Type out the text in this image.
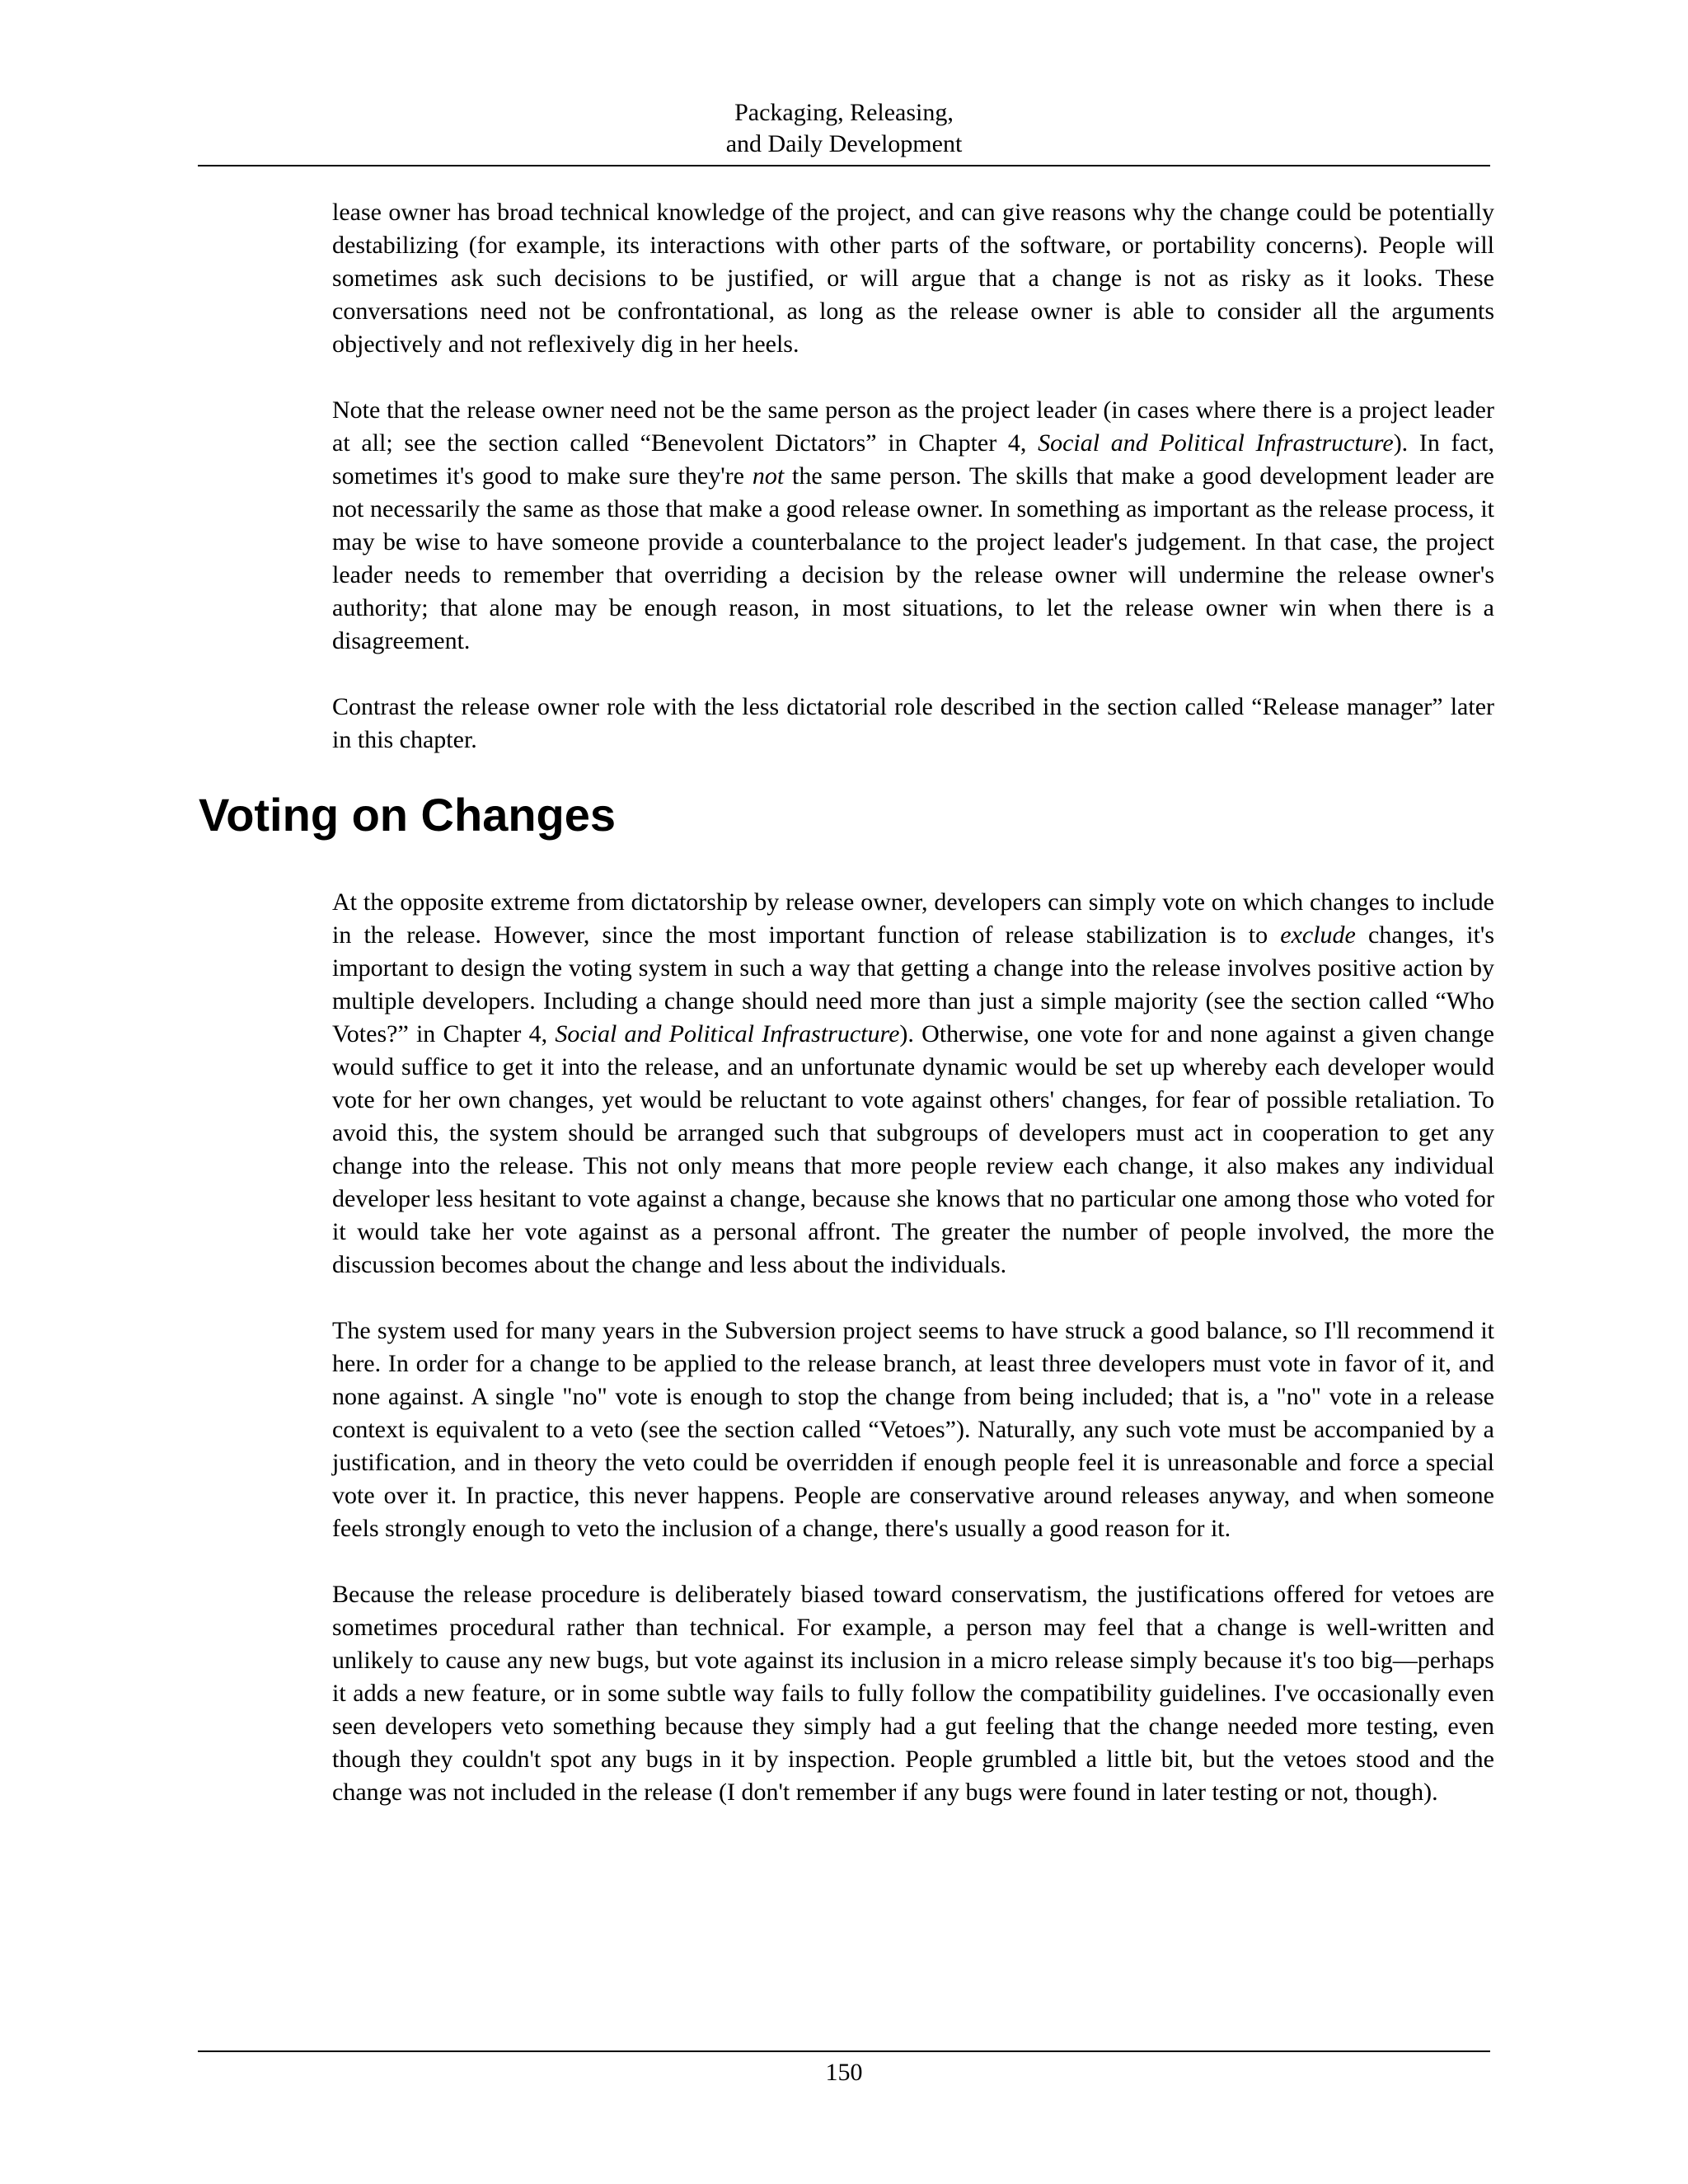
Packaging, Releasing,
and Daily Development

lease owner has broad technical knowledge of the project, and can give reasons why the change could be potentially destabilizing (for example, its interactions with other parts of the software, or portability concerns). People will sometimes ask such decisions to be justified, or will argue that a change is not as risky as it looks. These conversations need not be confrontational, as long as the release owner is able to consider all the arguments objectively and not reflexively dig in her heels.

Note that the release owner need not be the same person as the project leader (in cases where there is a project leader at all; see the section called “Benevolent Dictators” in Chapter 4, Social and Political Infrastructure). In fact, sometimes it's good to make sure they're not the same person. The skills that make a good development leader are not necessarily the same as those that make a good release owner. In something as important as the release process, it may be wise to have someone provide a counterbalance to the project leader's judgement. In that case, the project leader needs to remember that overriding a decision by the release owner will undermine the release owner's authority; that alone may be enough reason, in most situations, to let the release owner win when there is a disagreement.

Contrast the release owner role with the less dictatorial role described in the section called “Release manager” later in this chapter.

Voting on Changes

At the opposite extreme from dictatorship by release owner, developers can simply vote on which changes to include in the release. However, since the most important function of release stabilization is to exclude changes, it's important to design the voting system in such a way that getting a change into the release involves positive action by multiple developers. Including a change should need more than just a simple majority (see the section called “Who Votes?” in Chapter 4, Social and Political Infrastructure). Otherwise, one vote for and none against a given change would suffice to get it into the release, and an unfortunate dynamic would be set up whereby each developer would vote for her own changes, yet would be reluctant to vote against others' changes, for fear of possible retaliation. To avoid this, the system should be arranged such that subgroups of developers must act in cooperation to get any change into the release. This not only means that more people review each change, it also makes any individual developer less hesitant to vote against a change, because she knows that no particular one among those who voted for it would take her vote against as a personal affront. The greater the number of people involved, the more the discussion becomes about the change and less about the individuals.

The system used for many years in the Subversion project seems to have struck a good balance, so I'll recommend it here. In order for a change to be applied to the release branch, at least three developers must vote in favor of it, and none against. A single "no" vote is enough to stop the change from being included; that is, a "no" vote in a release context is equivalent to a veto (see the section called “Vetoes”). Naturally, any such vote must be accompanied by a justification, and in theory the veto could be overridden if enough people feel it is unreasonable and force a special vote over it. In practice, this never happens. People are conservative around releases anyway, and when someone feels strongly enough to veto the inclusion of a change, there's usually a good reason for it.

Because the release procedure is deliberately biased toward conservatism, the justifications offered for vetoes are sometimes procedural rather than technical. For example, a person may feel that a change is well-written and unlikely to cause any new bugs, but vote against its inclusion in a micro release simply because it's too big—perhaps it adds a new feature, or in some subtle way fails to fully follow the compatibility guidelines. I've occasionally even seen developers veto something because they simply had a gut feeling that the change needed more testing, even though they couldn't spot any bugs in it by inspection. People grumbled a little bit, but the vetoes stood and the change was not included in the release (I don't remember if any bugs were found in later testing or not, though).

150
